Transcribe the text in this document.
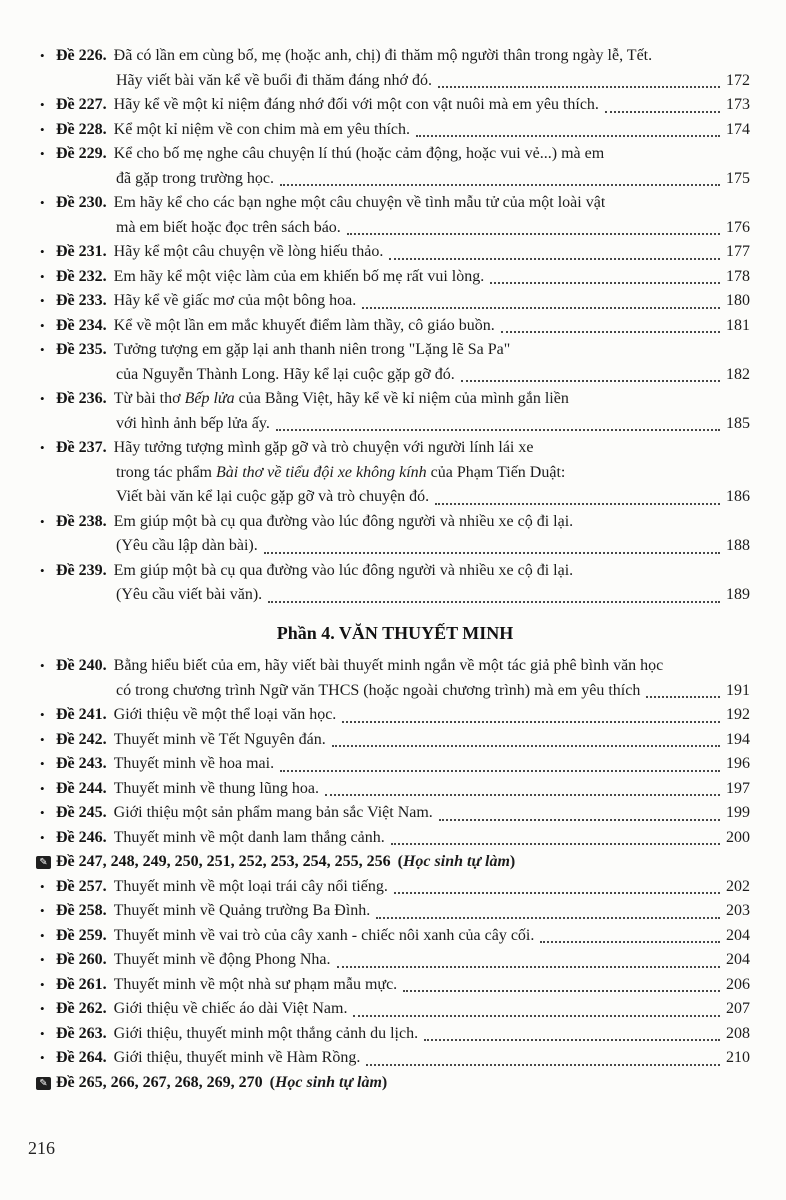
• Đề 226. Đã có lần em cùng bố, mẹ (hoặc anh, chị) đi thăm mộ người thân trong ngày lễ, Tết.
Hãy viết bài văn kể về buổi đi thăm đáng nhớ đó.	172
• Đề 227. Hãy kể về một kỉ niệm đáng nhớ đối với một con vật nuôi mà em yêu thích.	173
• Đề 228. Kể một kỉ niệm về con chim mà em yêu thích.	174
• Đề 229. Kể cho bố mẹ nghe câu chuyện lí thú (hoặc cảm động, hoặc vui vẻ...) mà em
đã gặp trong trường học.	175
• Đề 230. Em hãy kể cho các bạn nghe một câu chuyện về tình mẫu tử của một loài vật
mà em biết hoặc đọc trên sách báo.	176
• Đề 231. Hãy kể một câu chuyện về lòng hiếu thảo.	177
• Đề 232. Em hãy kể một việc làm của em khiến bố mẹ rất vui lòng.	178
• Đề 233. Hãy kể về giấc mơ của một bông hoa.	180
• Đề 234. Kể về một lần em mắc khuyết điểm làm thầy, cô giáo buồn.	181
• Đề 235. Tưởng tượng em gặp lại anh thanh niên trong "Lặng lẽ Sa Pa"
của Nguyễn Thành Long. Hãy kể lại cuộc gặp gỡ đó.	182
• Đề 236. Từ bài thơ Bếp lửa của Bằng Việt, hãy kể về kỉ niệm của mình gắn liền
với hình ảnh bếp lửa ấy.	185
• Đề 237. Hãy tưởng tượng mình gặp gỡ và trò chuyện với người lính lái xe
trong tác phẩm Bài thơ về tiểu đội xe không kính của Phạm Tiến Duật:
Viết bài văn kể lại cuộc gặp gỡ và trò chuyện đó.	186
• Đề 238. Em giúp một bà cụ qua đường vào lúc đông người và nhiều xe cộ đi lại.
(Yêu cầu lập dàn bài).	188
• Đề 239. Em giúp một bà cụ qua đường vào lúc đông người và nhiều xe cộ đi lại.
(Yêu cầu viết bài văn).	189
Phần 4. VĂN THUYẾT MINH
• Đề 240. Bằng hiểu biết của em, hãy viết bài thuyết minh ngắn về một tác giả phê bình văn học
có trong chương trình Ngữ văn THCS (hoặc ngoài chương trình) mà em yêu thích	191
• Đề 241. Giới thiệu về một thể loại văn học.	192
• Đề 242. Thuyết minh về Tết Nguyên đán.	194
• Đề 243. Thuyết minh về hoa mai.	196
• Đề 244. Thuyết minh về thung lũng hoa.	197
• Đề 245. Giới thiệu một sản phẩm mang bản sắc Việt Nam.	199
• Đề 246. Thuyết minh về một danh lam thắng cảnh.	200
✎ Đề 247, 248, 249, 250, 251, 252, 253, 254, 255, 256 ( Học sinh tự làm )
• Đề 257. Thuyết minh về một loại trái cây nổi tiếng.	202
• Đề 258. Thuyết minh về Quảng trường Ba Đình.	203
• Đề 259. Thuyết minh về vai trò của cây xanh - chiếc nôi xanh của cây cối.	204
• Đề 260. Thuyết minh về động Phong Nha.	204
• Đề 261. Thuyết minh về một nhà sư phạm mẫu mực.	206
• Đề 262. Giới thiệu về chiếc áo dài Việt Nam.	207
• Đề 263. Giới thiệu, thuyết minh một thắng cảnh du lịch.	208
• Đề 264. Giới thiệu, thuyết minh về Hàm Rồng.	210
✎ Đề 265, 266, 267, 268, 269, 270 ( Học sinh tự làm )
216
